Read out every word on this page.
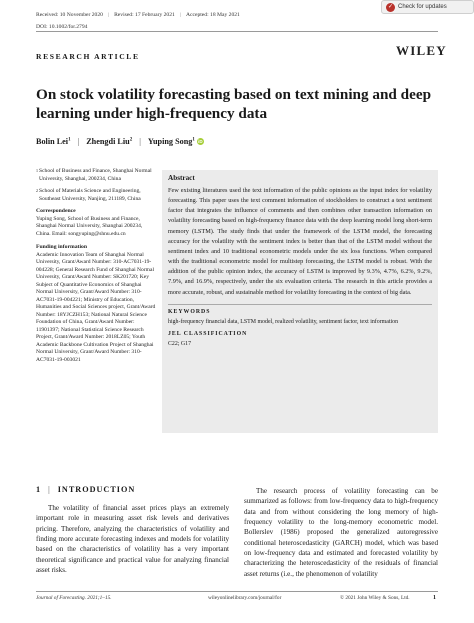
Received: 10 November 2020 | Revised: 17 February 2021 | Accepted: 18 May 2021
DOI: 10.1002/for.2794
✓ Check for updates
RESEARCH ARTICLE	WILEY
On stock volatility forecasting based on text mining and deep learning under high-frequency data
Bolin Lei$^1$ | Zhengdi Liu$^2$ | Yuping Song$^1$ iD
1 School of Business and Finance, Shanghai Normal University, Shanghai, 200234, China
2 School of Materials Science and Engineering, Southeast University, Nanjing, 211189, China
Correspondence
Yuping Song, School of Business and Finance, Shanghai Normal University, Shanghai 200234, China. Email: songyuping@shnu.edu.cn
Funding information
Academic Innovation Team of Shanghai Normal University, Grant/Award Number: 310-AC7031-19-004228; General Research Fund of Shanghai Normal University, Grant/Award Number: SK201720; Key Subject of Quantitative Economics of Shanghai Normal University, Grant/Award Number: 310-AC7031-19-004221; Ministry of Education, Humanities and Social Sciences project, Grant/Award Number: 18YJCZH153; National Natural Science Foundation of China, Grant/Award Number: 11901397; National Statistical Science Research Project, Grant/Award Number: 2018LZ05; Youth Academic Backbone Cultivation Project of Shanghai Normal University, Grant/Award Number: 310-AC7031-19-003021
Abstract
Few existing literatures used the text information of the public opinions as the input index for volatility forecasting. This paper uses the text comment information of stockholders to construct a text sentiment factor that integrates the influence of comments and then combines other transaction information on volatility forecasting based on high-frequency finance data with the deep learning model long short-term memory (LSTM). The study finds that under the framework of the LSTM model, the forecasting accuracy for the volatility with the sentiment index is better than that of the LSTM model without the sentiment index and 10 traditional econometric models under the six loss functions. When compared with the traditional econometric model for multistep forecasting, the LSTM model is robust. With the addition of the public opinion index, the accuracy of LSTM is improved by 9.3%, 4.7%, 6.2%, 9.2%, 7.9%, and 16.9%, respectively, under the six evaluation criteria. The research in this article provides a more accurate, robust, and sustainable method for volatility forecasting in the context of big data.
KEYWORDS
high-frequency financial data, LSTM model, realized volatility, sentiment factor, text information
JEL CLASSIFICATION
C22; G17
1 | INTRODUCTION
The volatility of financial asset prices plays an extremely important role in measuring asset risk levels and derivatives pricing. Therefore, analyzing the characteristics of volatility and finding more accurate forecasting indexes and models for volatility based on the characteristics of volatility has a very important theoretical significance and practical value for analyzing financial asset risks.
The research process of volatility forecasting can be summarized as follows: from low-frequency data to high-frequency data and from without considering the long memory of high-frequency volatility to the long-memory econometric model. Bollerslev (1986) proposed the generalized autoregressive conditional heteroscedasticity (GARCH) model, which was based on low-frequency data and estimated and forecasted volatility by characterizing the heteroscedasticity of the residuals of financial asset returns (i.e., the phenomenon of volatility
Journal of Forecasting. 2021;1–15.	wileyonlinelibrary.com/journal/for	© 2021 John Wiley & Sons, Ltd.	1
